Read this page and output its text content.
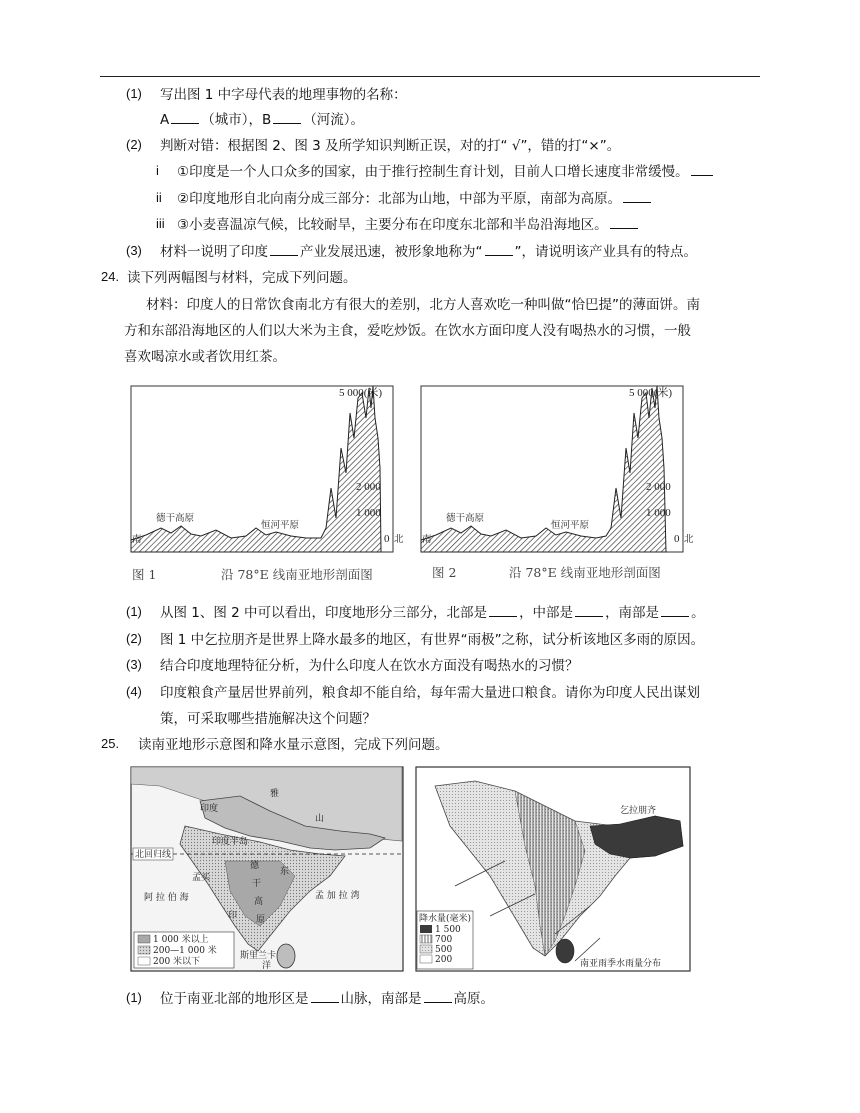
(1) 写出图 1 中字母代表的地理事物的名称：
A （城市），B （河流）。
(2) 判断对错：根据图 2、图 3 及所学知识判断正误，对的打“ √”，错的打“×”。
i ①印度是一个人口众多的国家，由于推行控制生育计划，目前人口增长速度非常缓慢。
ii ②印度地形自北向南分成三部分：北部为山地，中部为平原，南部为高原。
iii ③小麦喜温凉气候，比较耐旱，主要分布在印度东北部和半岛沿海地区。
(3) 材料一说明了印度 产业发展迅速，被形象地称为“ ”，请说明该产业具有的特点。
24. 读下列两幅图与材料，完成下列问题。
材料：印度人的日常饮食南北方有很大的差别，北方人喜欢吃一种叫做“恰巴提”的薄面饼。南
方和东部沿海地区的人们以大米为主食，爱吃炒饭。在饮水方面印度人没有喝热水的习惯，一般
喜欢喝凉水或者饮用红茶。
5 000(米)
2 000
1 000
0 北
南
德干高原
恒河平原
图 1	沿 78°E 线南亚地形剖面图
5 000(米)
2 000
1 000
0 北
南
德干高原
恒河平原
图 2	沿 78°E 线南亚地形剖面图
(1) 从图 1、图 2 中可以看出，印度地形分三部分，北部是 ，中部是 ，南部是 。
(2) 图 1 中乞拉朋齐是世界上降水最多的地区，有世界“雨极”之称，试分析该地区多雨的原因。
(3) 结合印度地理特征分析，为什么印度人在饮水方面没有喝热水的习惯？
(4) 印度粮食产量居世界前列，粮食却不能自给，每年需大量进口粮食。请你为印度人民出谋划
策，可采取哪些措施解决这个问题？
25. 读南亚地形示意图和降水量示意图，完成下列问题。
北回归线
雅
山
印度
印度半岛
孟买
阿 拉 伯 海	孟 加 拉 湾
德
干
高
原
东
印
斯里兰卡
洋
1 000 米以上
200—1 000 米
200 米以下
乞拉朋齐
降水量(毫米)
1 500
700
500
200	南亚雨季水雨量分布
(1) 位于南亚北部的地形区是 山脉，南部是 高原。
